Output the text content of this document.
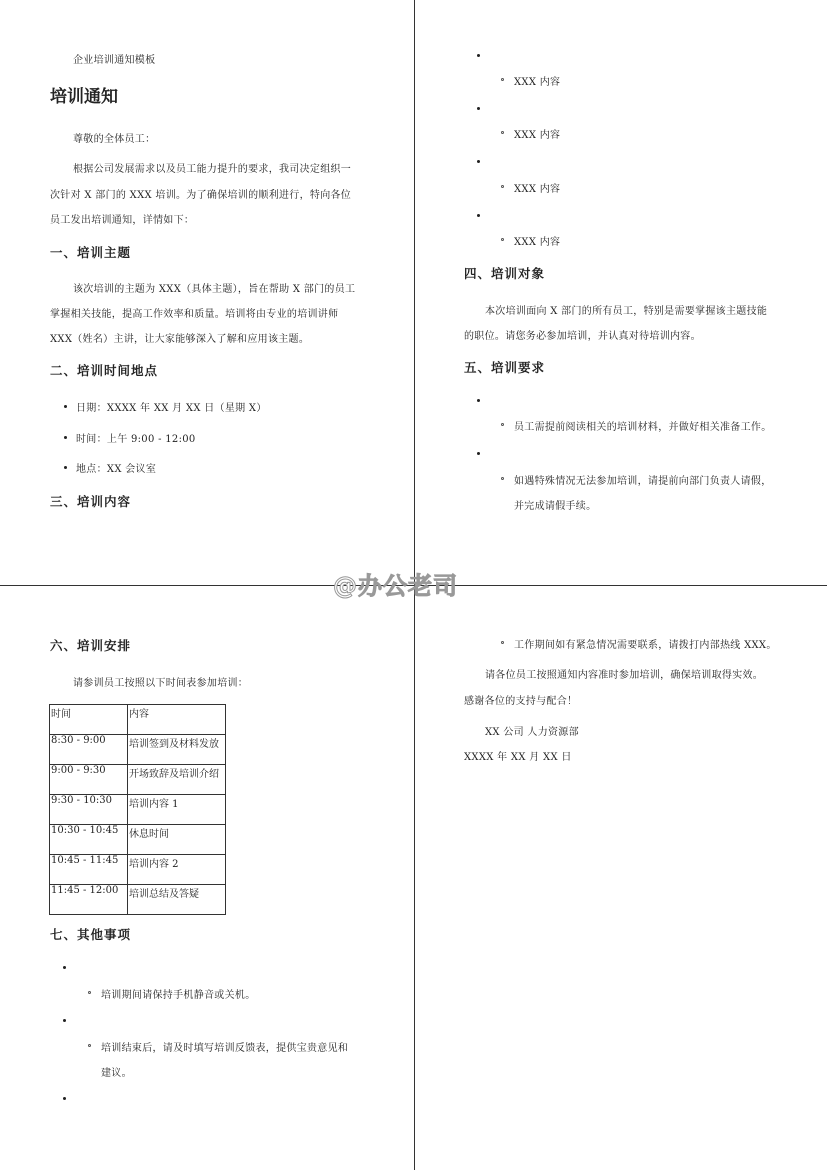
企业培训通知模板
培训通知
尊敬的全体员工：
根据公司发展需求以及员工能力提升的要求，我司决定组织一
次针对 X 部门的 XXX 培训。为了确保培训的顺利进行，特向各位
员工发出培训通知，详情如下：
一、培训主题
该次培训的主题为 XXX（具体主题），旨在帮助 X 部门的员工
掌握相关技能，提高工作效率和质量。培训将由专业的培训讲师
XXX（姓名）主讲，让大家能够深入了解和应用该主题。
二、培训时间地点
日期：XXXX 年 XX 月 XX 日（星期 X）
时间：上午 9:00 - 12:00
地点：XX 会议室
三、培训内容
XXX 内容
XXX 内容
XXX 内容
XXX 内容
四、培训对象
本次培训面向 X 部门的所有员工，特别是需要掌握该主题技能
的职位。请您务必参加培训，并认真对待培训内容。
五、培训要求
员工需提前阅读相关的培训材料，并做好相关准备工作。
如遇特殊情况无法参加培训，请提前向部门负责人请假，
并完成请假手续。
@办公老司
六、培训安排
请参训员工按照以下时间表参加培训：
时间	内容
8:30 - 9:00	培训签到及材料发放
9:00 - 9:30	开场致辞及培训介绍
9:30 - 10:30	培训内容 1
10:30 - 10:45	休息时间
10:45 - 11:45	培训内容 2
11:45 - 12:00	培训总结及答疑
七、其他事项
培训期间请保持手机静音或关机。
培训结束后，请及时填写培训反馈表，提供宝贵意见和
建议。
工作期间如有紧急情况需要联系，请拨打内部热线 XXX。
请各位员工按照通知内容准时参加培训，确保培训取得实效。
感谢各位的支持与配合！
XX 公司 人力资源部
XXXX 年 XX 月 XX 日
